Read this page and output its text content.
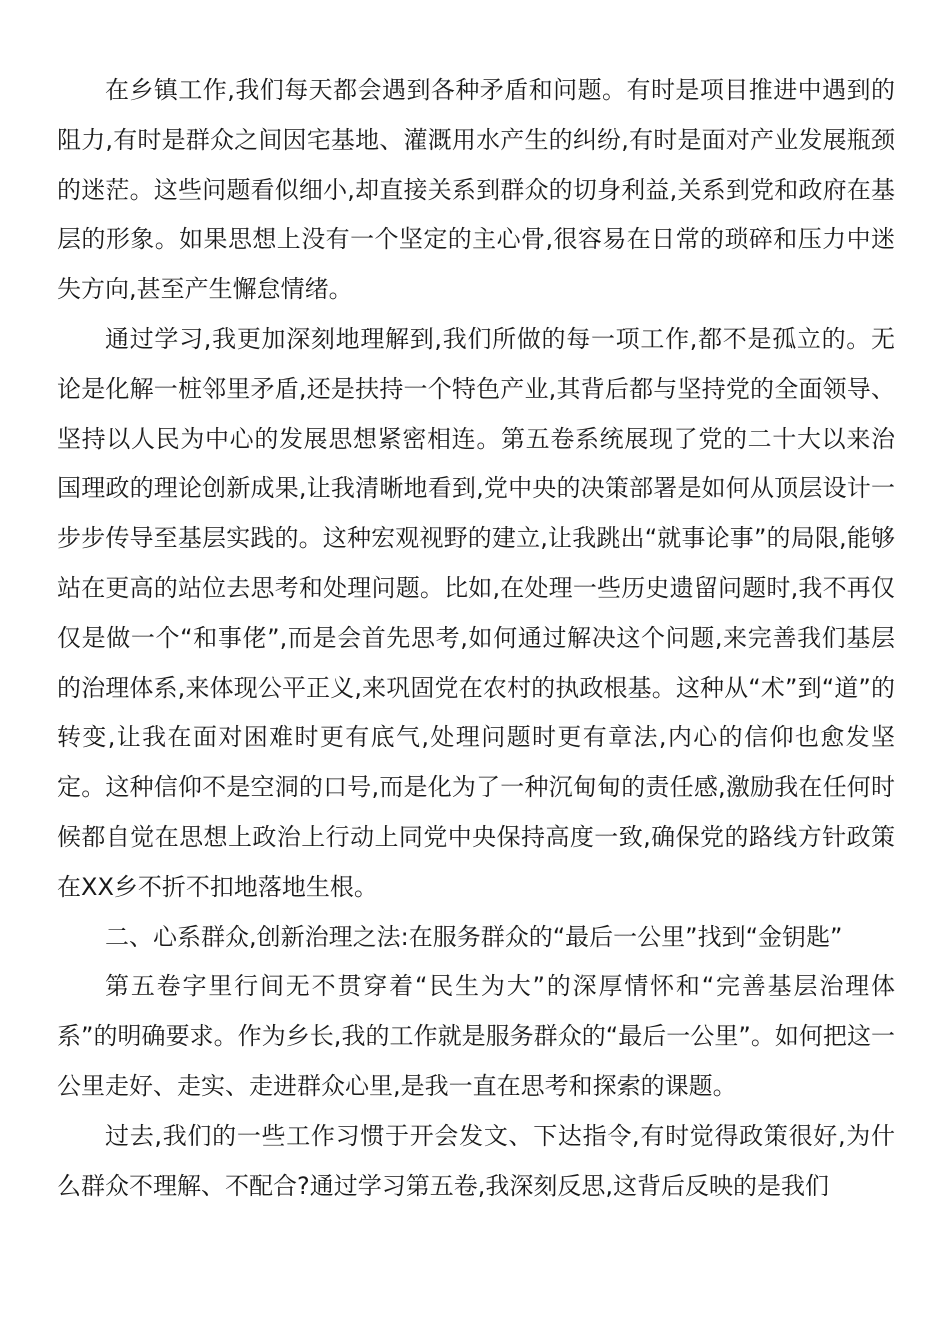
在乡镇工作,我们每天都会遇到各种矛盾和问题。有时是项目推进中遇到的阻力,有时是群众之间因宅基地、灌溉用水产生的纠纷,有时是面对产业发展瓶颈的迷茫。这些问题看似细小,却直接关系到群众的切身利益,关系到党和政府在基层的形象。如果思想上没有一个坚定的主心骨,很容易在日常的琐碎和压力中迷失方向,甚至产生懈怠情绪。

通过学习,我更加深刻地理解到,我们所做的每一项工作,都不是孤立的。无论是化解一桩邻里矛盾,还是扶持一个特色产业,其背后都与坚持党的全面领导、坚持以人民为中心的发展思想紧密相连。第五卷系统展现了党的二十大以来治国理政的理论创新成果,让我清晰地看到,党中央的决策部署是如何从顶层设计一步步传导至基层实践的。这种宏观视野的建立,让我跳出“就事论事”的局限,能够站在更高的站位去思考和处理问题。比如,在处理一些历史遗留问题时,我不再仅仅是做一个“和事佬”,而是会首先思考,如何通过解决这个问题,来完善我们基层的治理体系,来体现公平正义,来巩固党在农村的执政根基。这种从“术”到“道”的转变,让我在面对困难时更有底气,处理问题时更有章法,内心的信仰也愈发坚定。这种信仰不是空洞的口号,而是化为了一种沉甸甸的责任感,激励我在任何时候都自觉在思想上政治上行动上同党中央保持高度一致,确保党的路线方针政策在XX乡不折不扣地落地生根。

二、心系群众,创新治理之法:在服务群众的“最后一公里”找到“金钥匙”

第五卷字里行间无不贯穿着“民生为大”的深厚情怀和“完善基层治理体系”的明确要求。作为乡长,我的工作就是服务群众的“最后一公里”。如何把这一公里走好、走实、走进群众心里,是我一直在思考和探索的课题。

过去,我们的一些工作习惯于开会发文、下达指令,有时觉得政策很好,为什么群众不理解、不配合?通过学习第五卷,我深刻反思,这背后反映的是我们
